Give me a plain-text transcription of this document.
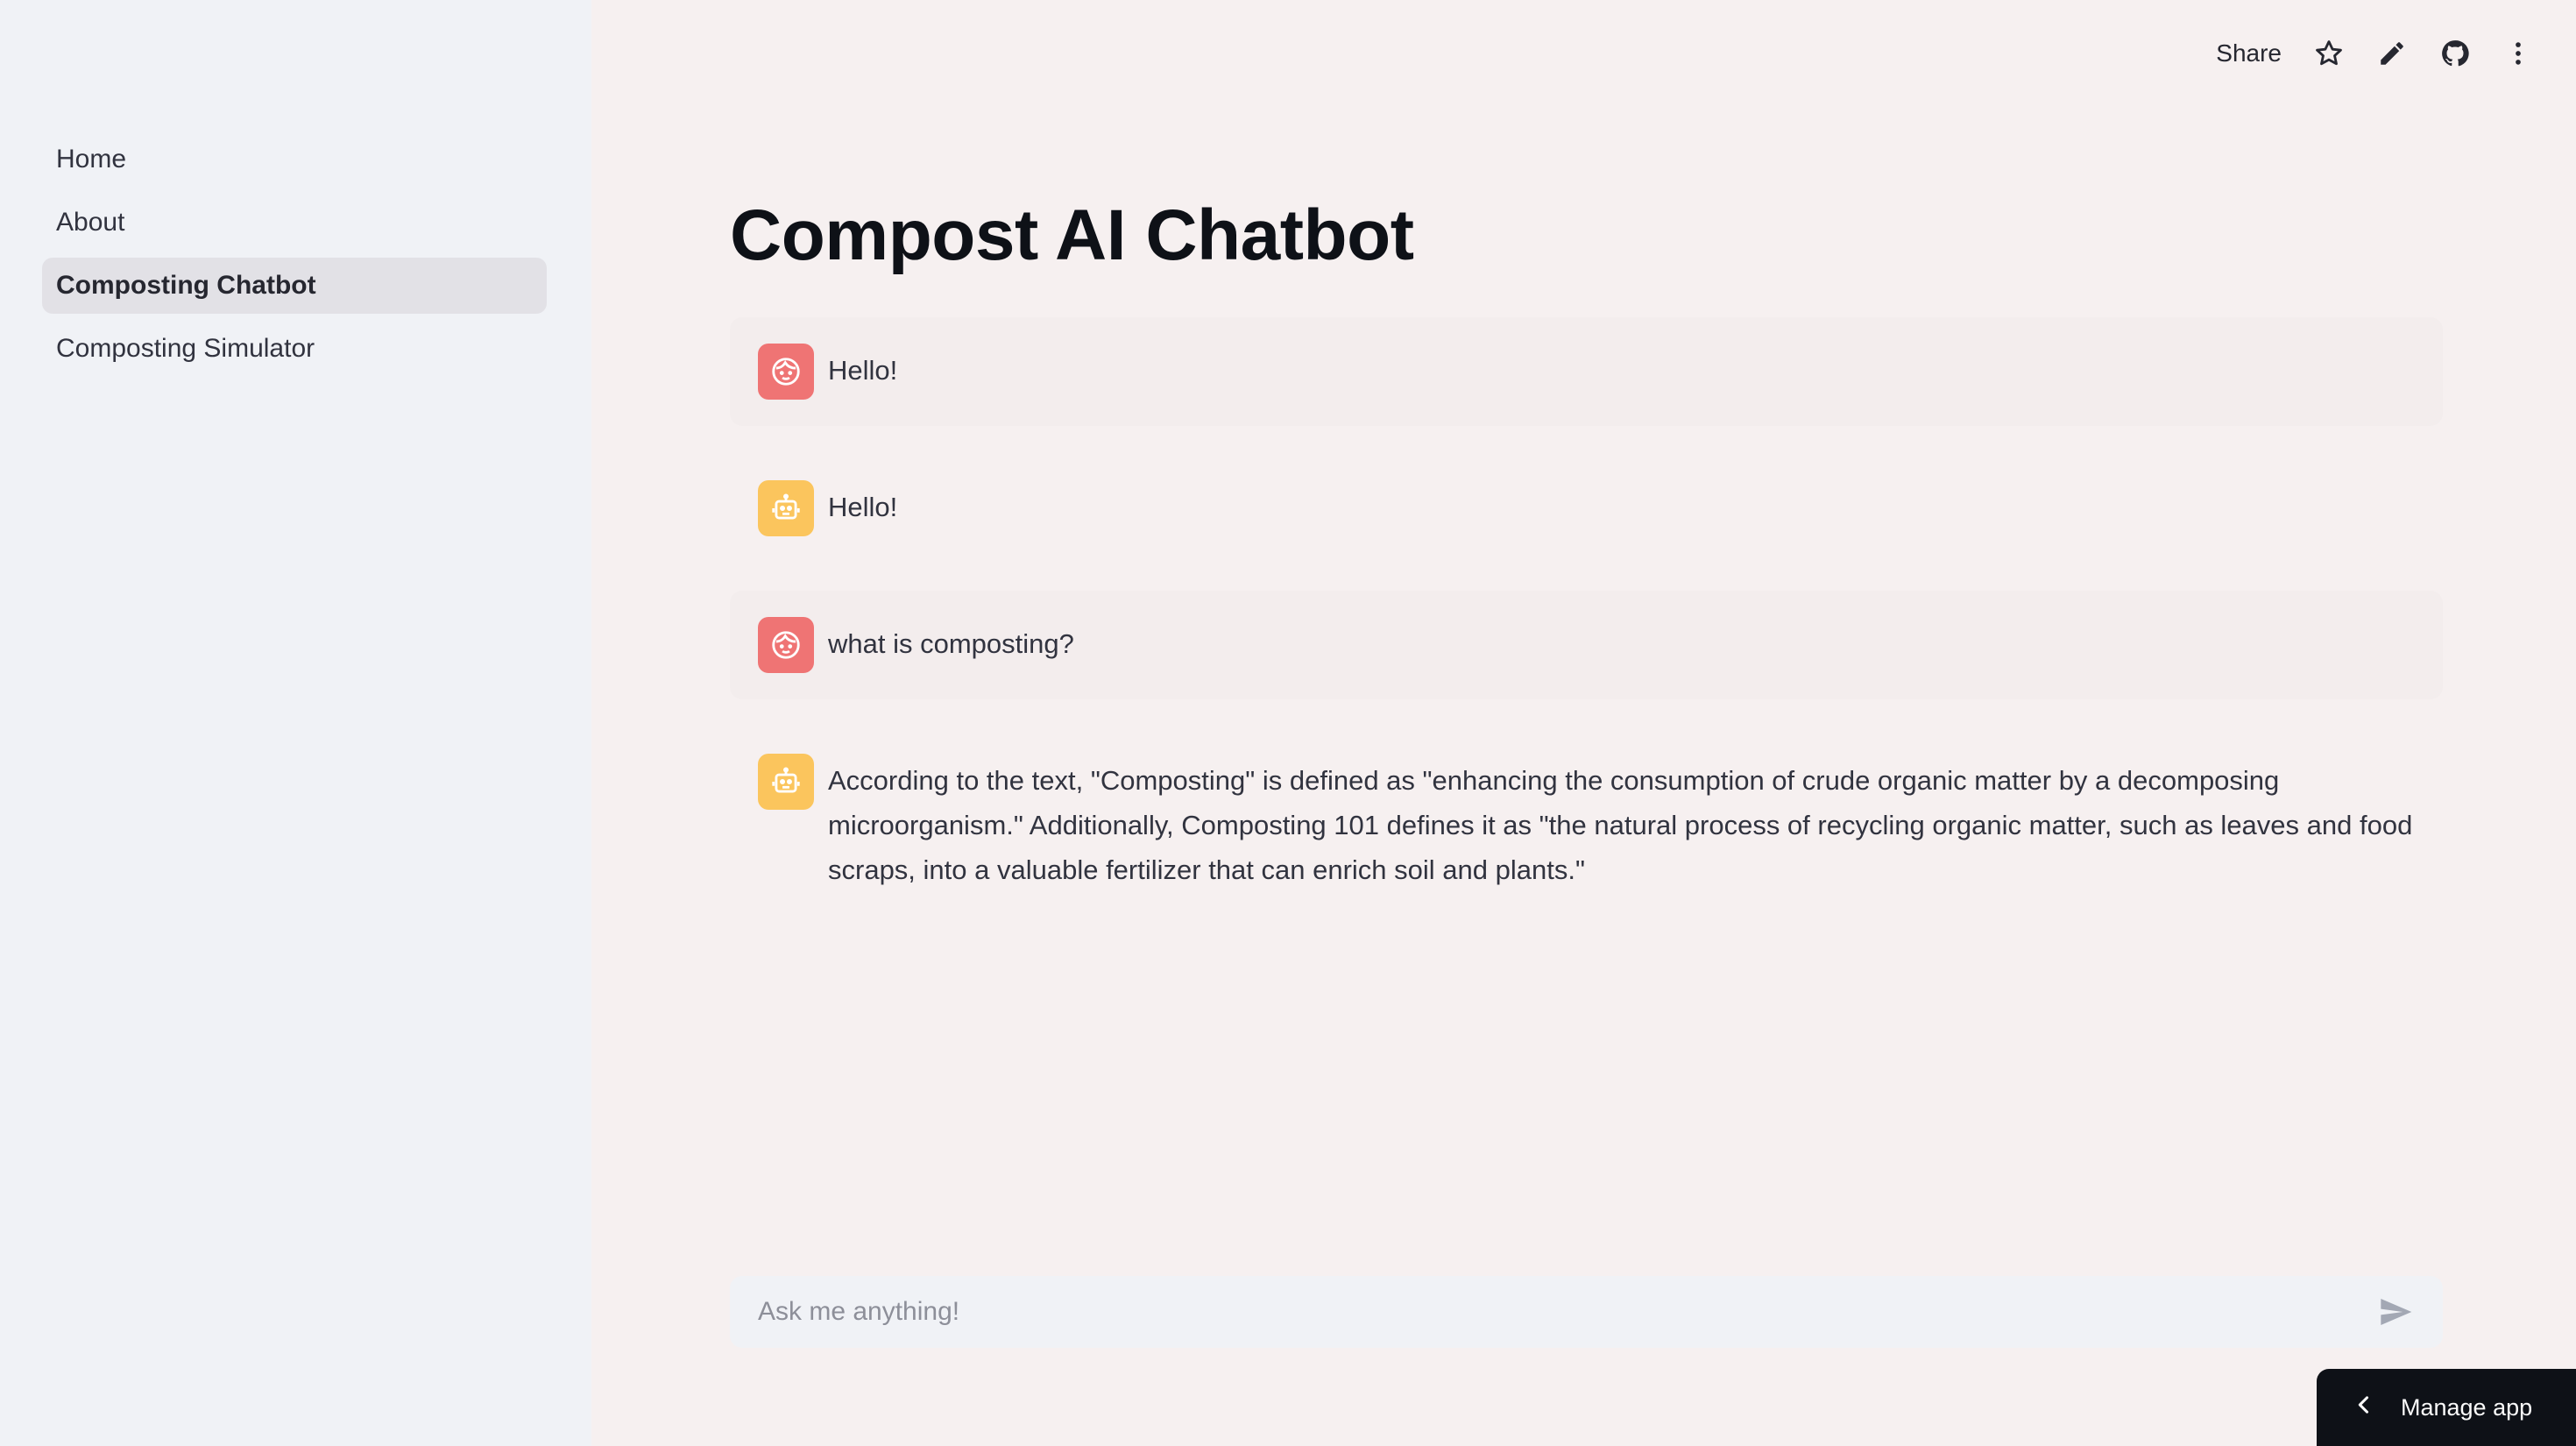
Home
About
Composting Chatbot
Composting Simulator
Share
Compost AI Chatbot
Hello!
Hello!
what is composting?
According to the text, "Composting" is defined as "enhancing the consumption of crude organic matter by a decomposing microorganism." Additionally, Composting 101 defines it as "the natural process of recycling organic matter, such as leaves and food scraps, into a valuable fertilizer that can enrich soil and plants."
Ask me anything!
Manage app
